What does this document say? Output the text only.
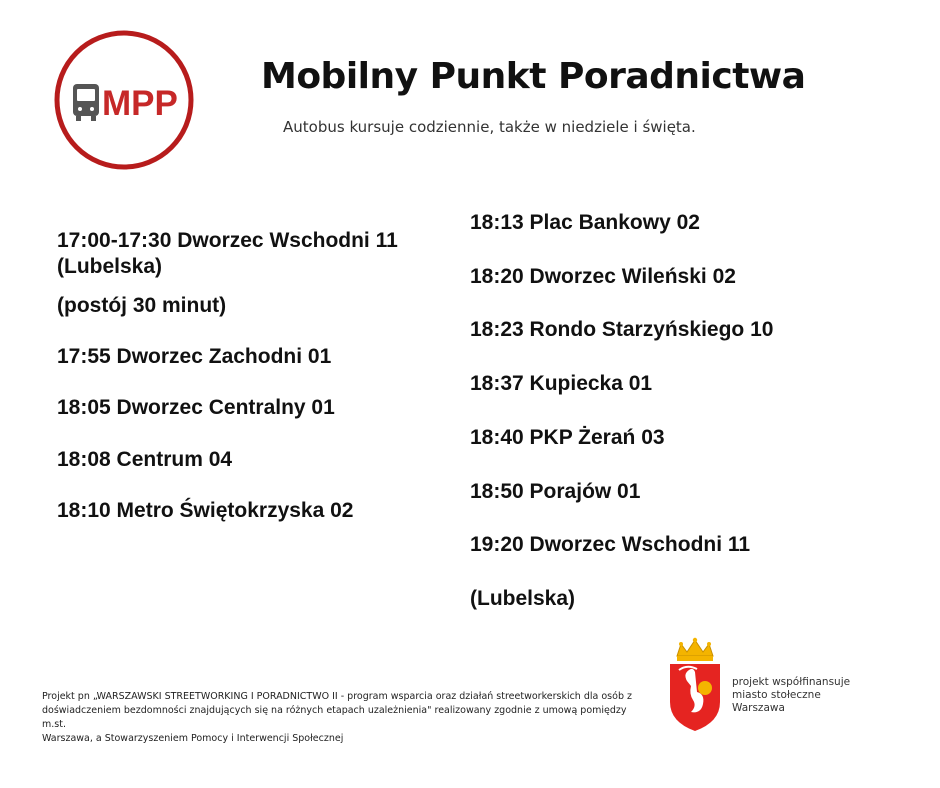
MPP
Mobilny Punkt Poradnictwa
Autobus kursuje codziennie, także w niedziele i święta.
17:00-17:30 Dworzec Wschodni 11
(Lubelska)
(postój 30 minut)
17:55 Dworzec Zachodni 01
18:05 Dworzec Centralny 01
18:08 Centrum 04
18:10 Metro Świętokrzyska 02
18:13 Plac Bankowy 02
18:20 Dworzec Wileński 02
18:23 Rondo Starzyńskiego 10
18:37 Kupiecka 01
18:40 PKP Żerań 03
18:50 Porajów 01
19:20 Dworzec Wschodni 11
(Lubelska)
Projekt pn „WARSZAWSKI STREETWORKING I PORADNICTWO II - program wsparcia oraz działań streetworkerskich dla osób z
doświadczeniem bezdomności znajdujących się na różnych etapach uzależnienia" realizowany zgodnie z umową pomiędzy m.st.
Warszawa, a Stowarzyszeniem Pomocy i Interwencji Społecznej
projekt współfinansuje
miasto stołeczne
Warszawa
